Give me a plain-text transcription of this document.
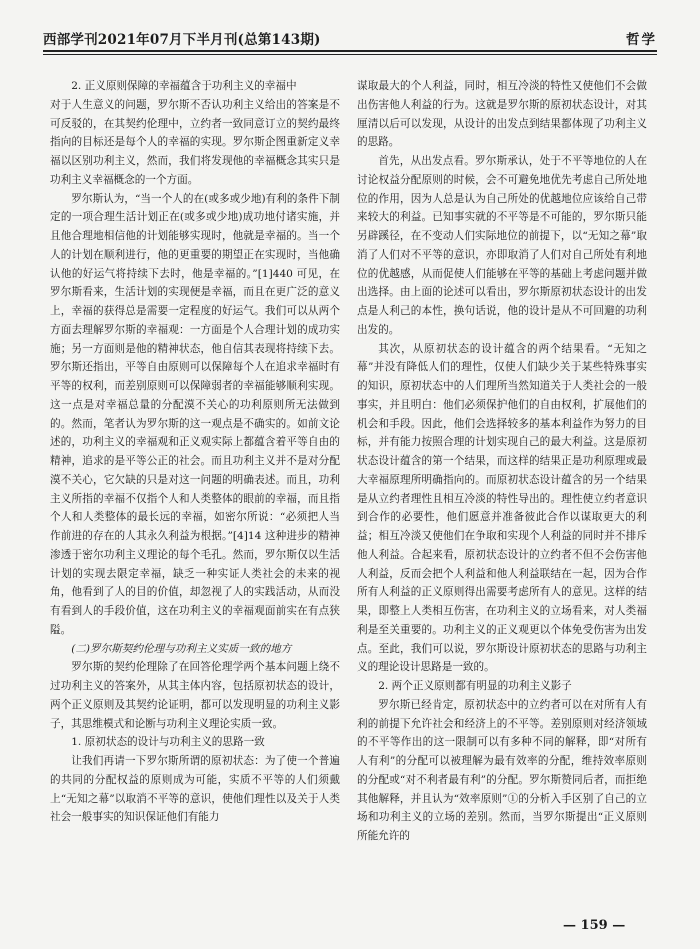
西部学刊2021年07月下半月刊(总第143期)	哲学

2. 正义原则保障的幸福蕴含于功利主义的幸福中

对于人生意义的问题，罗尔斯不否认功利主义给出的答案是不可反驳的，在其契约伦理中，立约者一致同意订立的契约最终指向的目标还是每个人的幸福的实现。罗尔斯企图重新定义幸福以区别功利主义，然而，我们将发现他的幸福概念其实只是功利主义幸福概念的一个方面。

罗尔斯认为，“当一个人的在(或多或少地)有利的条件下制定的一项合理生活计划正在(或多或少地)成功地付诸实施，并且他合理地相信他的计划能够实现时，他就是幸福的。当一个人的计划在顺利进行，他的更重要的期望正在实现时，当他确认他的好运气将持续下去时，他是幸福的。”[1]440 可见，在罗尔斯看来，生活计划的实现便是幸福，而且在更广泛的意义上，幸福的获得总是需要一定程度的好运气。我们可以从两个方面去理解罗尔斯的幸福观：一方面是个人合理计划的成功实施；另一方面则是他的精神状态，他自信其表现将持续下去。罗尔斯还指出，平等自由原则可以保障每个人在追求幸福时有平等的权利，而差别原则可以保障弱者的幸福能够顺利实现。这一点是对幸福总量的分配漠不关心的功利原则所无法做到的。然而，笔者认为罗尔斯的这一观点是不确实的。如前文论述的，功利主义的幸福观和正义观实际上都蕴含着平等自由的精神，追求的是平等公正的社会。而且功利主义并不是对分配漠不关心，它欠缺的只是对这一问题的明确表述。而且，功利主义所指的幸福不仅指个人和人类整体的眼前的幸福，而且指个人和人类整体的最长远的幸福，如密尔所说：“必须把人当作前进的存在的人其永久利益为根据。”[4]14 这种进步的精神渗透于密尔功利主义理论的每个毛孔。然而，罗尔斯仅以生活计划的实现去限定幸福，缺乏一种实证人类社会的未来的视角，他看到了人的目的价值，却忽视了人的实践活动，从而没有看到人的手段价值，这在功利主义的幸福观面前实在有点狭隘。

(二)罗尔斯契约伦理与功利主义实质一致的地方

罗尔斯的契约伦理除了在回答伦理学两个基本问题上绕不过功利主义的答案外，从其主体内容，包括原初状态的设计，两个正义原则及其契约论证明，都可以发现明显的功利主义影子，其思维模式和论断与功利主义理论实质一致。

1. 原初状态的设计与功利主义的思路一致

让我们再请一下罗尔斯所谓的原初状态：为了使一个普遍的共同的分配权益的原则成为可能，实质不平等的人们须戴上“无知之幕”以取消不平等的意识，使他们理性以及关于人类社会一般事实的知识保证他们有能力

谋取最大的个人利益，同时，相互冷淡的特性又使他们不会做出伤害他人利益的行为。这就是罗尔斯的原初状态设计，对其厘清以后可以发现，从设计的出发点到结果都体现了功利主义的思路。

首先，从出发点看。罗尔斯承认，处于不平等地位的人在讨论权益分配原则的时候，会不可避免地优先考虑自己所处地位的作用，因为人总是认为自己所处的优越地位应该给自己带来较大的利益。已知事实就的不平等是不可能的，罗尔斯只能另辟蹊径，在不变动人们实际地位的前提下，以“无知之幕”取消了人们对不平等的意识，亦即取消了人们对自己所处有利地位的优越感，从而促使人们能够在平等的基础上考虑问题并做出选择。由上面的论述可以看出，罗尔斯原初状态设计的出发点是人利己的本性，换句话说，他的设计是从不可回避的功利出发的。

其次，从原初状态的设计蕴含的两个结果看。“无知之幕”并没有降低人们的理性，仅使人们缺少关于某些特殊事实的知识，原初状态中的人们理所当然知道关于人类社会的一般事实，并且明白：他们必须保护他们的自由权利，扩展他们的机会和手段。因此，他们会选择较多的基本利益作为努力的目标，并有能力按照合理的计划实现自己的最大利益。这是原初状态设计蕴含的第一个结果，而这样的结果正是功利原理或最大幸福原理所明确指向的。而原初状态设计蕴含的另一个结果是从立约者理性且相互冷淡的特性导出的。理性使立约者意识到合作的必要性，他们愿意并准备彼此合作以谋取更大的利益；相互冷淡又使他们在争取和实现个人利益的同时并不排斥他人利益。合起来看，原初状态设计的立约者不但不会伤害他人利益，反而会把个人利益和他人利益联结在一起，因为合作所有人利益的正义原则得出需要考虑所有人的意见。这样的结果，即整上人类相互伤害，在功利主义的立场看来，对人类福利是至关重要的。功利主义的正义观更以个体免受伤害为出发点。至此，我们可以说，罗尔斯设计原初状态的思路与功利主义的理论设计思路是一致的。

2. 两个正义原则都有明显的功利主义影子

罗尔斯已经肯定，原初状态中的立约者可以在对所有人有利的前提下允许社会和经济上的不平等。差别原则对经济领域的不平等作出的这一限制可以有多种不同的解释，即“对所有人有利”的分配可以被理解为最有效率的分配，维持效率原则的分配或“对不利者最有利”的分配。罗尔斯赞同后者，而拒绝其他解释，并且认为“效率原则”①的分析入手区别了自己的立场和功利主义的立场的差别。然而，当罗尔斯提出“正义原则所能允许的

— 159 —
